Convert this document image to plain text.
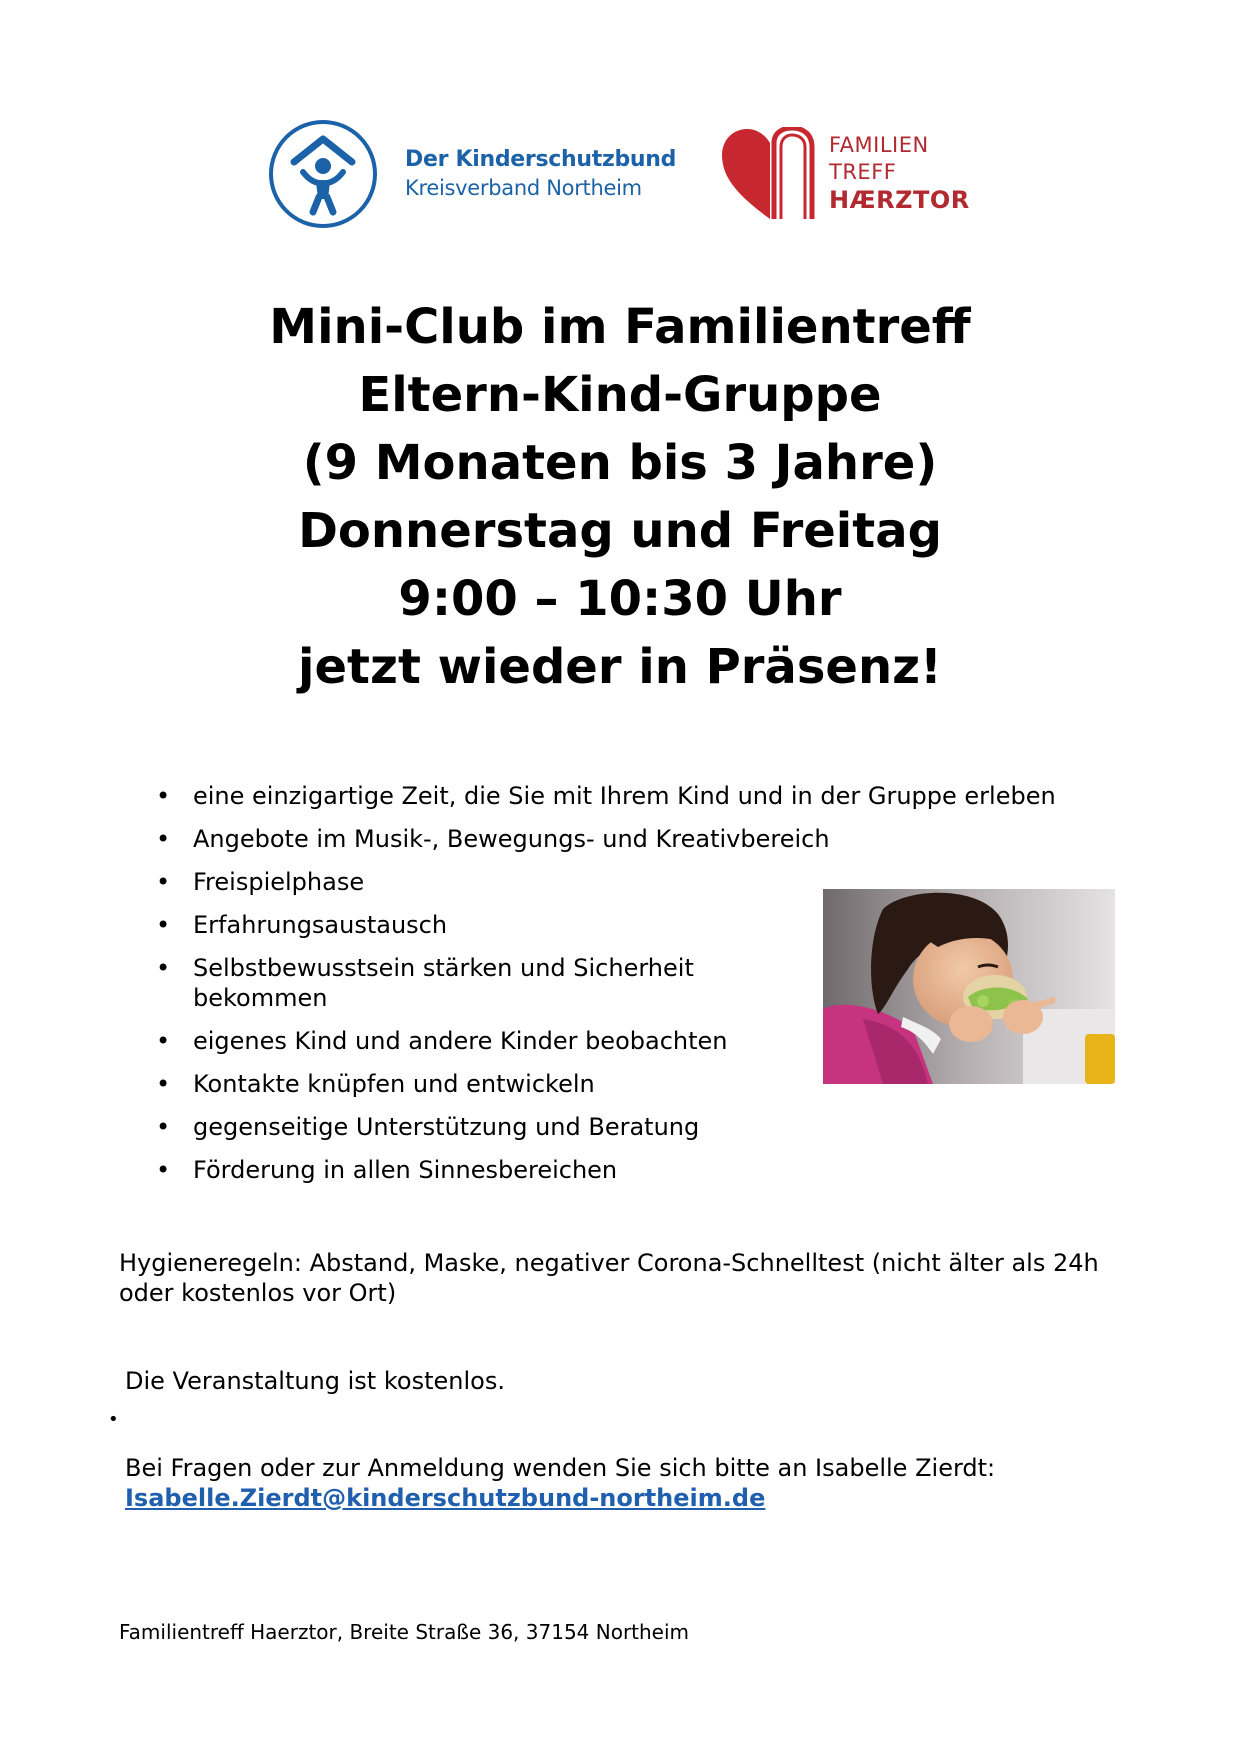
Der Kinderschutzbund
Kreisverband Northeim
FAMILIEN
TREFF
HÆRZTOR
Mini-Club im Familientreff
Eltern-Kind-Gruppe
(9 Monaten bis 3 Jahre)
Donnerstag und Freitag
9:00 – 10:30 Uhr
jetzt wieder in Präsenz!
• eine einzigartige Zeit, die Sie mit Ihrem Kind und in der Gruppe erleben
• Angebote im Musik-, Bewegungs- und Kreativbereich
• Freispielphase
• Erfahrungsaustausch
• Selbstbewusstsein stärken und Sicherheit bekommen
• eigenes Kind und andere Kinder beobachten
• Kontakte knüpfen und entwickeln
• gegenseitige Unterstützung und Beratung
• Förderung in allen Sinnesbereichen
Hygieneregeln: Abstand, Maske, negativer Corona-Schnelltest (nicht älter als 24h oder kostenlos vor Ort)
Die Veranstaltung ist kostenlos.
•
Bei Fragen oder zur Anmeldung wenden Sie sich bitte an Isabelle Zierdt:
Isabelle.Zierdt@kinderschutzbund-northeim.de
Familientreff Haerztor, Breite Straße 36, 37154 Northeim
